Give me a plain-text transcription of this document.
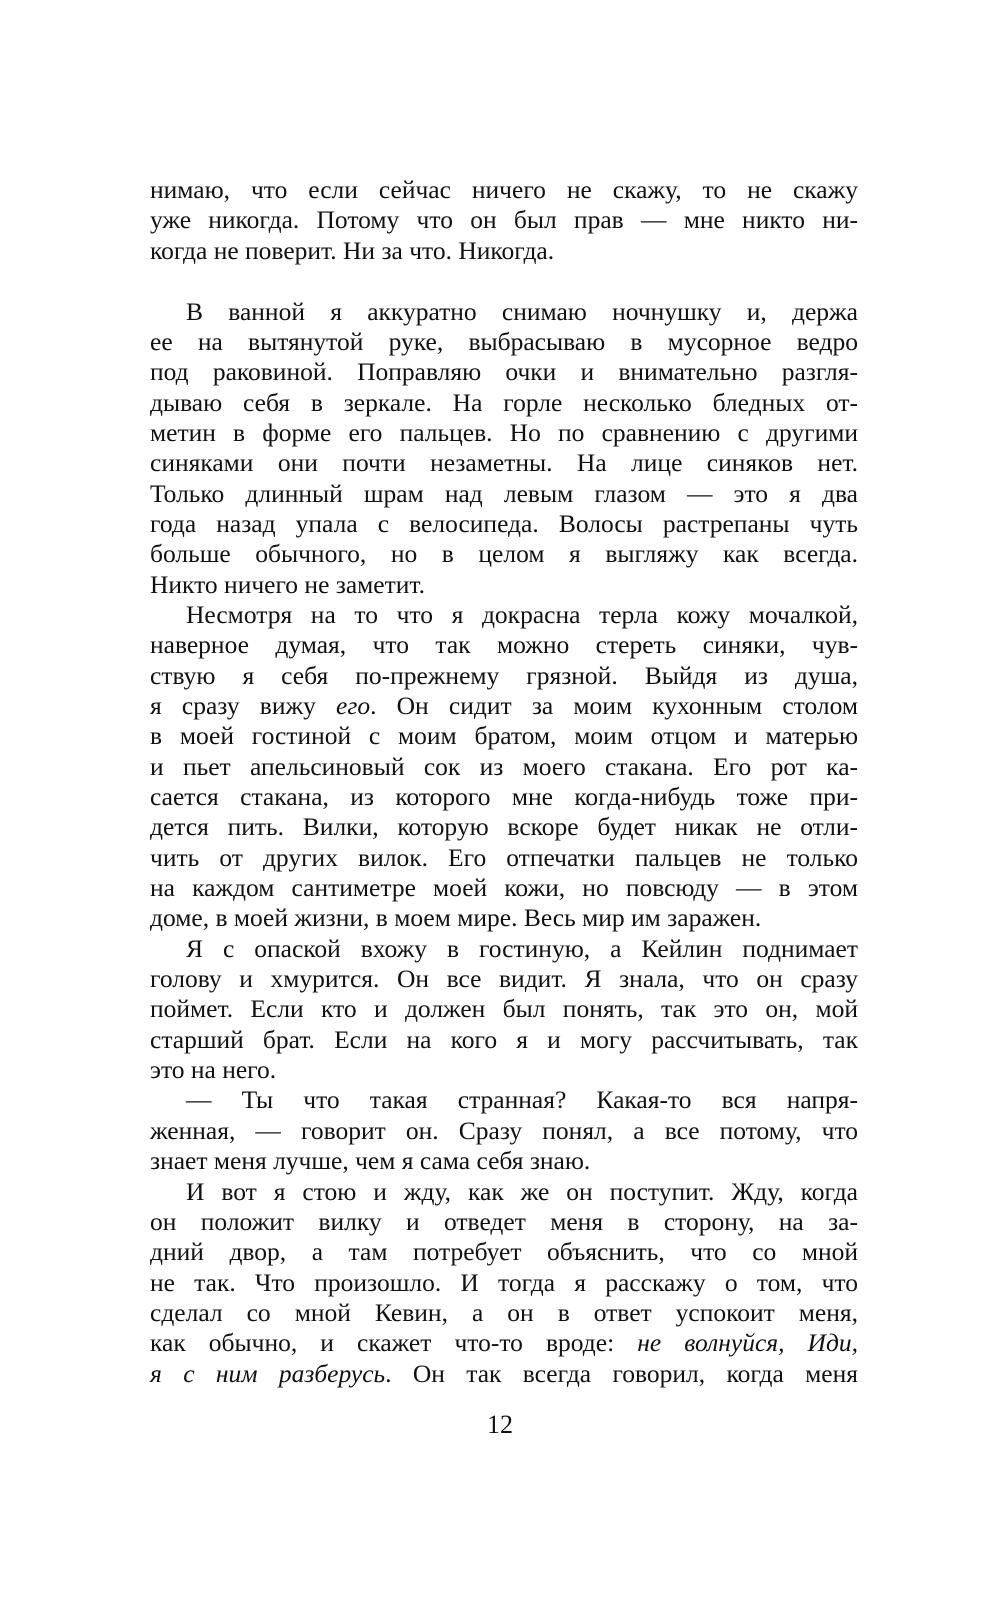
нимаю, что если сейчас ничего не скажу, то не скажу
уже никогда. Потому что он был прав — мне никто ни-
когда не поверит. Ни за что. Никогда.
В ванной я аккуратно снимаю ночнушку и, держа
ее на вытянутой руке, выбрасываю в мусорное ведро
под раковиной. Поправляю очки и внимательно разгля-
дываю себя в зеркале. На горле несколько бледных от-
метин в форме его пальцев. Но по сравнению с другими
синяками они почти незаметны. На лице синяков нет.
Только длинный шрам над левым глазом — это я два
года назад упала с велосипеда. Волосы растрепаны чуть
больше обычного, но в целом я выгляжу как всегда.
Никто ничего не заметит.
Несмотря на то что я докрасна терла кожу мочалкой,
наверное думая, что так можно стереть синяки, чув-
ствую я себя по-прежнему грязной. Выйдя из душа,
я сразу вижу его. Он сидит за моим кухонным столом
в моей гостиной с моим братом, моим отцом и матерью
и пьет апельсиновый сок из моего стакана. Его рот ка-
сается стакана, из которого мне когда-нибудь тоже при-
дется пить. Вилки, которую вскоре будет никак не отли-
чить от других вилок. Его отпечатки пальцев не только
на каждом сантиметре моей кожи, но повсюду — в этом
доме, в моей жизни, в моем мире. Весь мир им заражен.
Я с опаской вхожу в гостиную, а Кейлин поднимает
голову и хмурится. Он все видит. Я знала, что он сразу
поймет. Если кто и должен был понять, так это он, мой
старший брат. Если на кого я и могу рассчитывать, так
это на него.
— Ты что такая странная? Какая-то вся напря-
женная, — говорит он. Сразу понял, а все потому, что
знает меня лучше, чем я сама себя знаю.
И вот я стою и жду, как же он поступит. Жду, когда
он положит вилку и отведет меня в сторону, на за-
дний двор, а там потребует объяснить, что со мной
не так. Что произошло. И тогда я расскажу о том, что
сделал со мной Кевин, а он в ответ успокоит меня,
как обычно, и скажет что-то вроде: не волнуйся, Иди,
я с ним разберусь. Он так всегда говорил, когда меня
12
